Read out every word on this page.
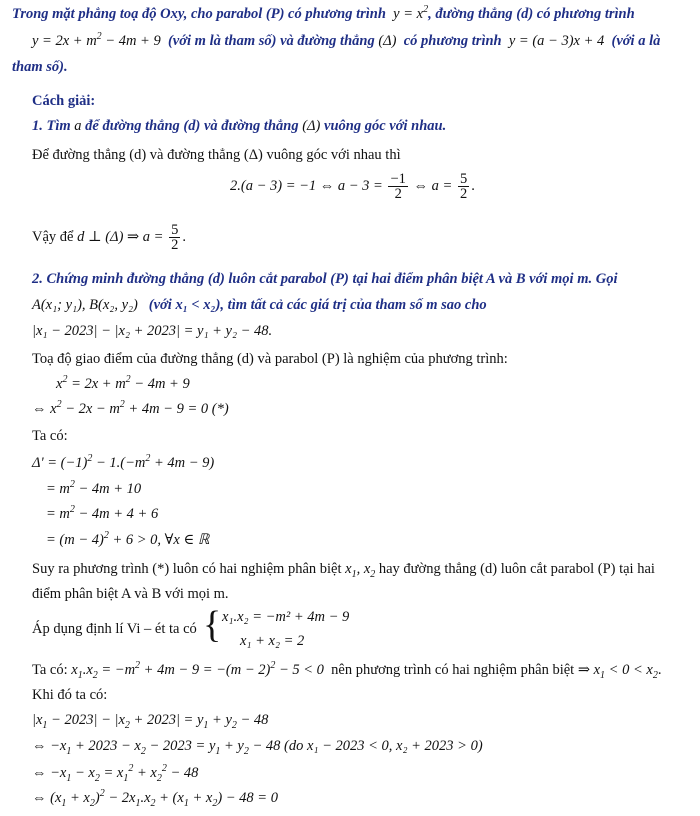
Trong mặt phẳng toạ độ Oxy, cho parabol (P) có phương trình $y = x^2$, đường thẳng (d) có phương trình
$y = 2x + m^2 - 4m + 9$ (với m là tham số) và đường thẳng (Δ) có phương trình y = (a − 3)x + 4 (với a là
tham số).
Cách giải:
1. Tìm a để đường thẳng (d) và đường thẳng (Δ) vuông góc với nhau.
Để đường thẳng (d) và đường thẳng (Δ) vuông góc với nhau thì
2.(a − 3) = −1 ⇔ $a - 3 = \frac{-1}{2}$ ⇔ $a = \frac{5}{2}$ .
Vậy để d ⊥ (Δ) ⇒ $a = \frac{5}{2}$ .
2. Chứng minh đường thẳng (d) luôn cắt parabol (P) tại hai điểm phân biệt A và B với mọi m. Gọi
A(x₁; y₁), B(x₂, y₂) (với x₁ < x₂), tìm tất cả các giá trị của tham số m sao cho
|x₁ − 2023| − |x₂ + 2023| = y₁ + y₂ − 48.
Toạ độ giao điểm của đường thẳng (d) và parabol (P) là nghiệm của phương trình:
$x^2 = 2x + m^2 - 4m + 9$
⇔ $x^2 - 2x - m^2 + 4m - 9 = 0$ (*)
Ta có:
$\Delta' = (-1)^2 - 1.(-m^2 + 4m - 9)$
= $m^2 - 4m + 10$
= $m^2 - 4m + 4 + 6$
= $(m - 4)^2 + 6 > 0$, ∀x ∈ ℝ
Suy ra phương trình (*) luôn có hai nghiệm phân biệt $x_1$, $x_2$ hay đường thẳng (d) luôn cắt parabol (P) tại hai
điểm phân biệt A và B với mọi m.
Áp dụng định lí Vi – ét ta có { x₁.x₂ = −m² + 4m − 9
x₁ + x₂ = 2
Ta có: $x_1.x_2 = -m^2 + 4m - 9 = -(m - 2)^2 - 5 < 0$ nên phương trình có hai nghiệm phân biệt ⇒ $x_1 < 0 < x_2$.
Khi đó ta có:
$|x_1 - 2023| - |x_2 + 2023| = y_1 + y_2 - 48$
⇔ $-x_1 + 2023 - x_2 - 2023 = y_1 + y_2 - 48$ (do x₁ − 2023 < 0, x₂ + 2023 > 0)
⇔ $-x_1 - x_2 = x_1^2 + x_2^2 - 48$
⇔ $(x_1 + x_2)^2 - 2x_1.x_2 + (x_1 + x_2) - 48 = 0$
